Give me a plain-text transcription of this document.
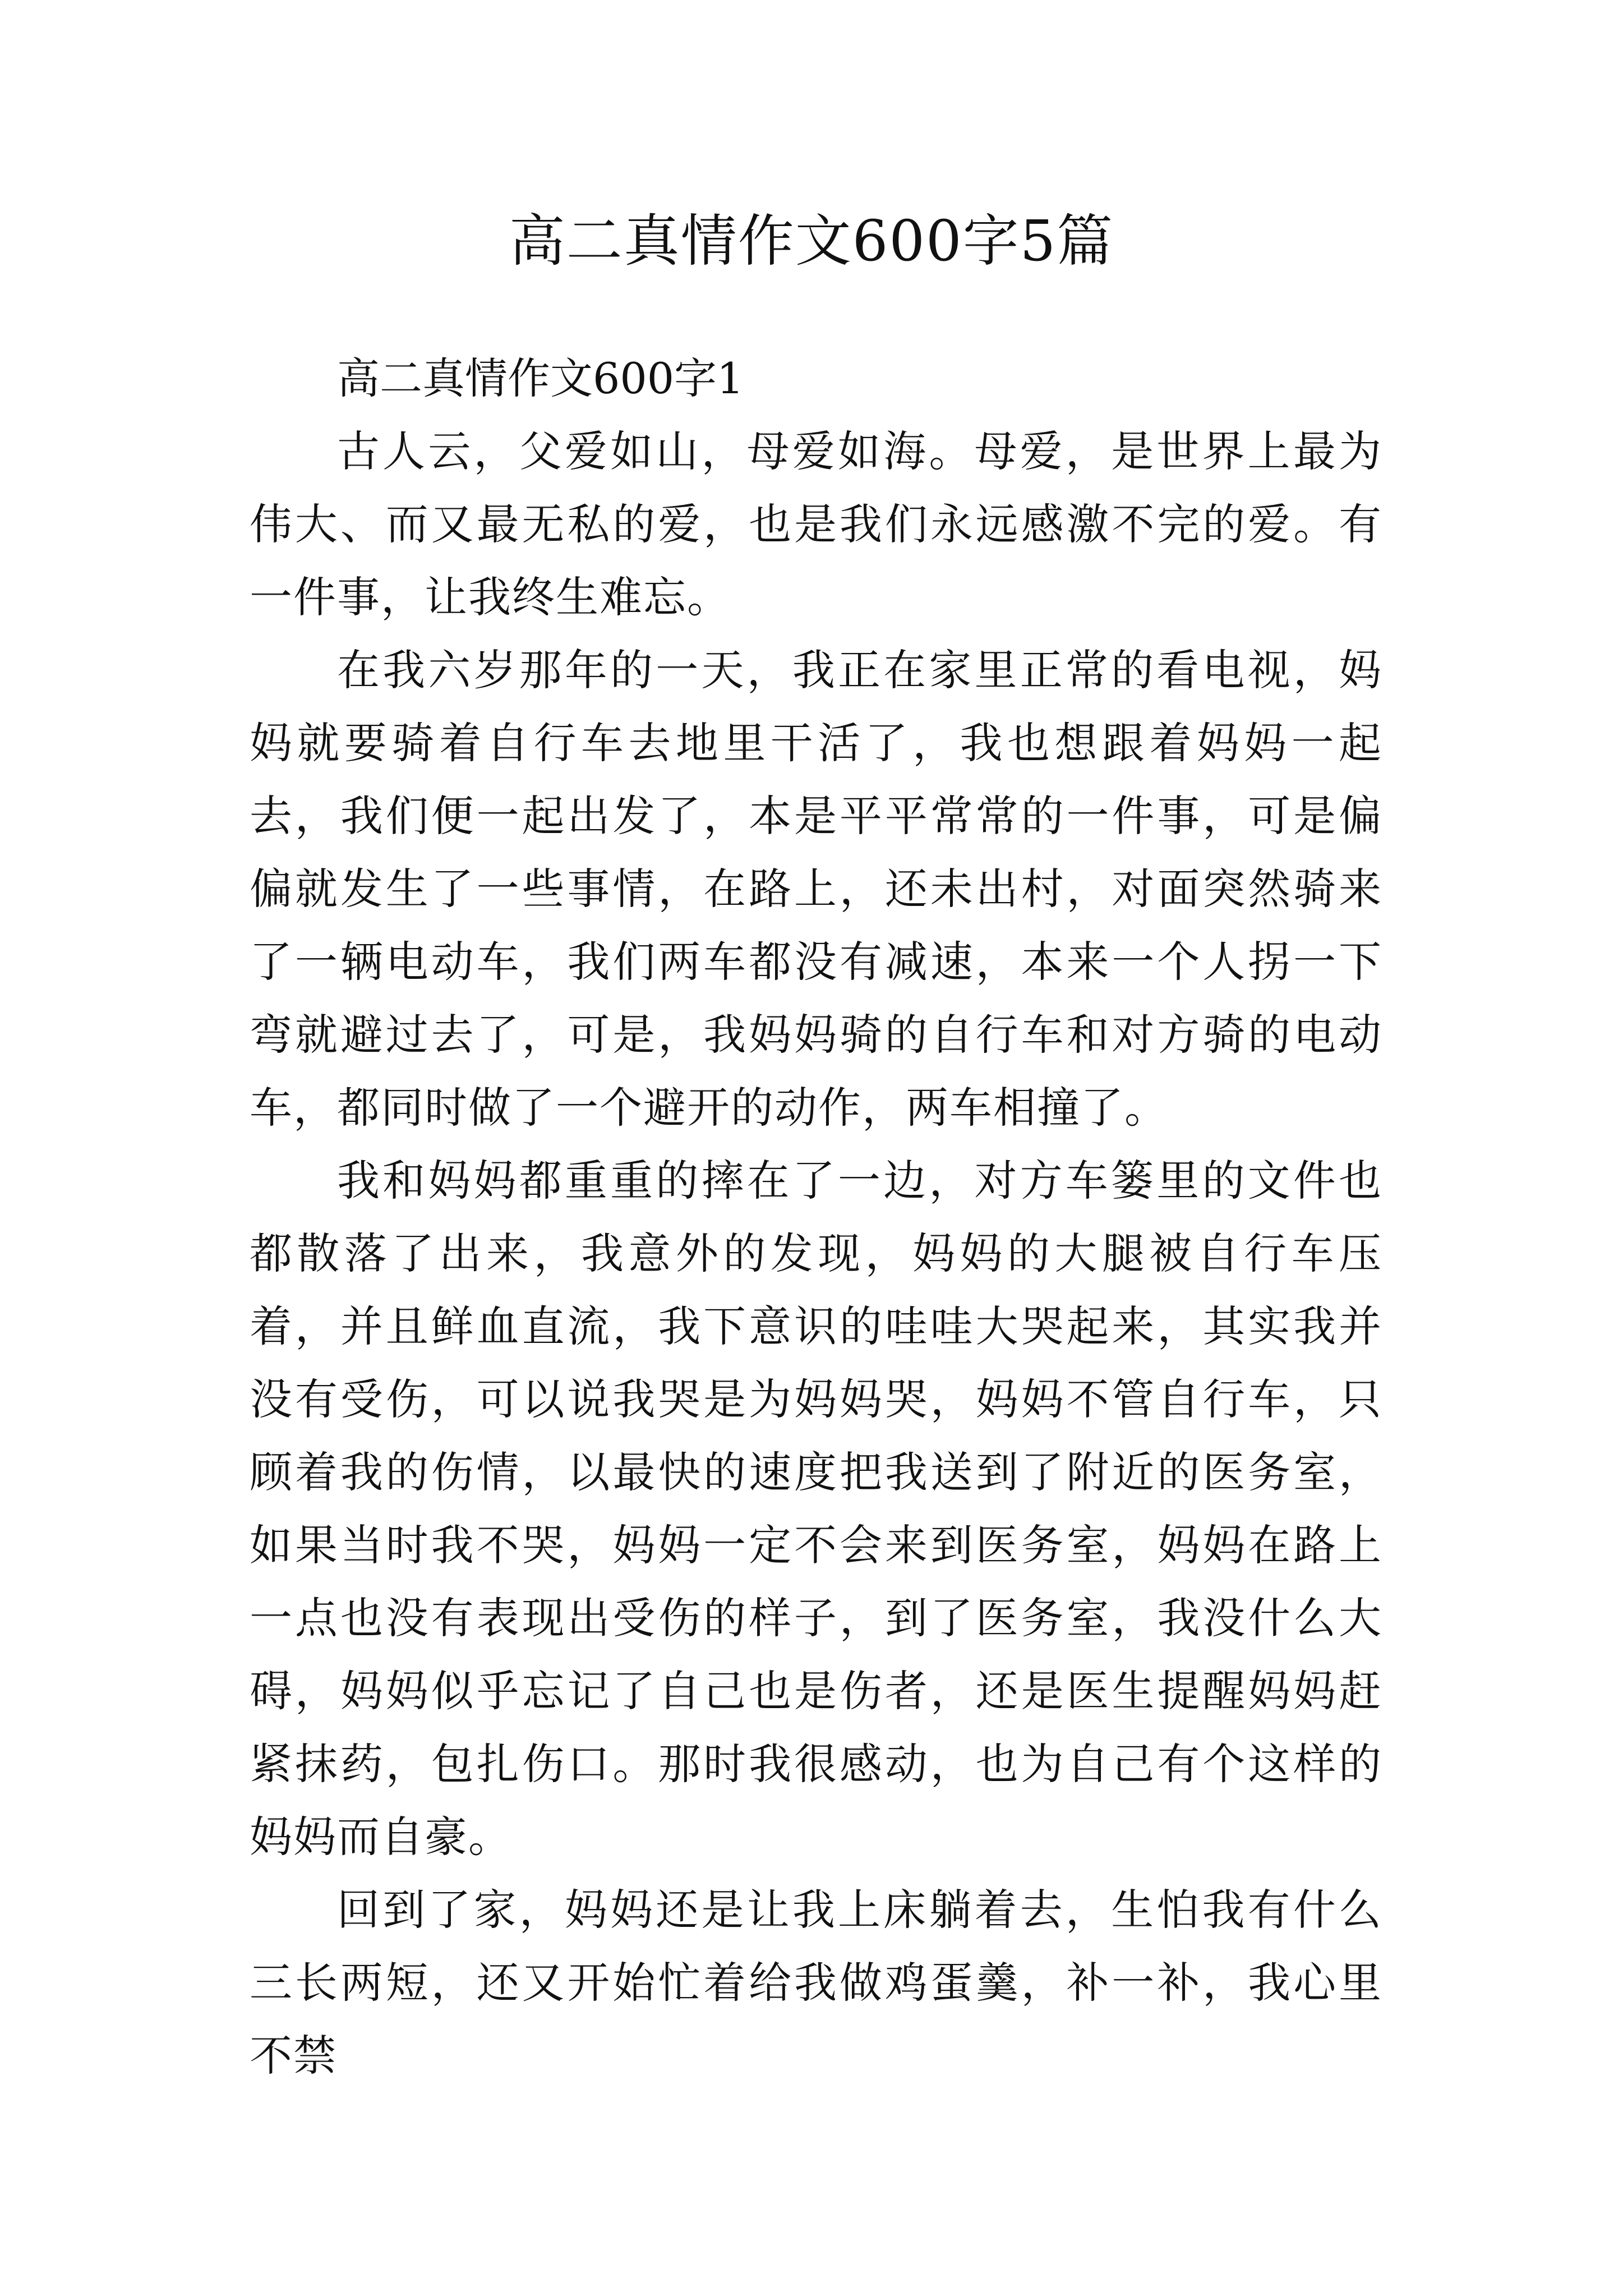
高二真情作文600字5篇

高二真情作文600字1

古人云，父爱如山，母爱如海。母爱，是世界上最为伟大、而又最无私的爱，也是我们永远感激不完的爱。有一件事，让我终生难忘。

在我六岁那年的一天，我正在家里正常的看电视，妈妈就要骑着自行车去地里干活了，我也想跟着妈妈一起去，我们便一起出发了，本是平平常常的一件事，可是偏偏就发生了一些事情，在路上，还未出村，对面突然骑来了一辆电动车，我们两车都没有减速，本来一个人拐一下弯就避过去了，可是，我妈妈骑的自行车和对方骑的电动车，都同时做了一个避开的动作，两车相撞了。

我和妈妈都重重的摔在了一边，对方车篓里的文件也都散落了出来，我意外的发现，妈妈的大腿被自行车压着，并且鲜血直流，我下意识的哇哇大哭起来，其实我并没有受伤，可以说我哭是为妈妈哭，妈妈不管自行车，只顾着我的伤情，以最快的速度把我送到了附近的医务室，如果当时我不哭，妈妈一定不会来到医务室，妈妈在路上一点也没有表现出受伤的样子，到了医务室，我没什么大碍，妈妈似乎忘记了自己也是伤者，还是医生提醒妈妈赶紧抹药，包扎伤口。那时我很感动，也为自己有个这样的妈妈而自豪。

回到了家，妈妈还是让我上床躺着去，生怕我有什么三长两短，还又开始忙着给我做鸡蛋羹，补一补，我心里不禁
